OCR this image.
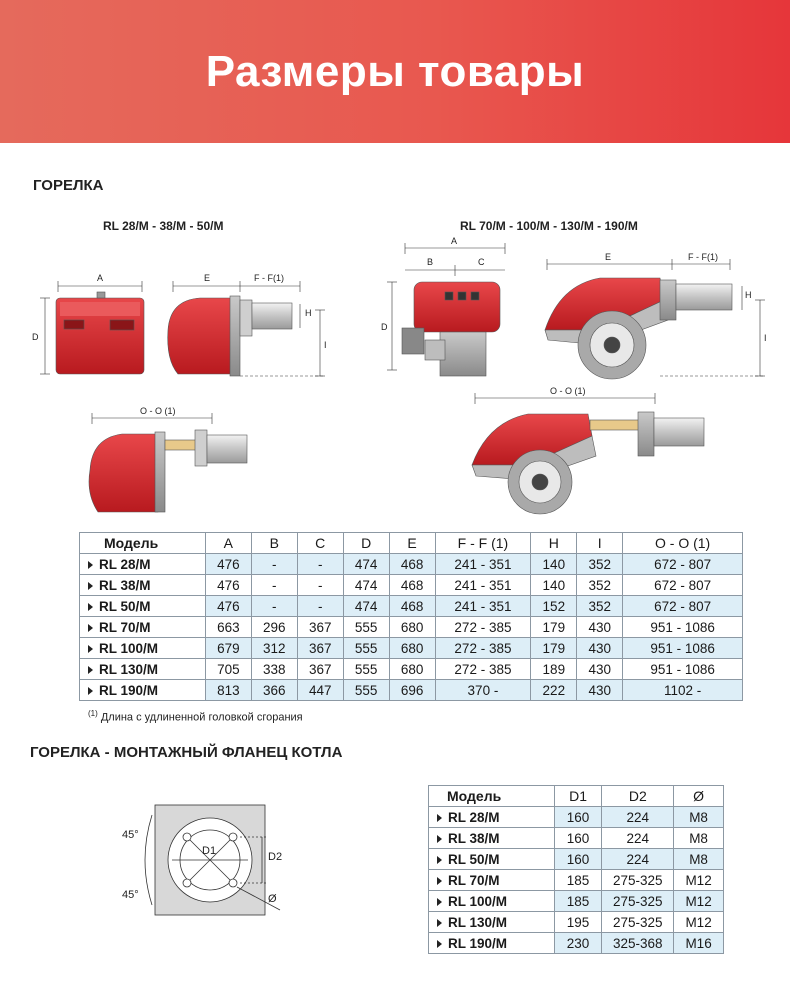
Размеры товары
ГОРЕЛКА
RL 28/M - 38/M - 50/M	RL 70/M - 100/M - 130/M - 190/M
A
D
E	F - F(1)
H
I
O - O (1)
A
B	C
D
E	F - F(1)
H
I
O - O (1)
Модель	A	B	C	D	E	F - F (1)	H	I	O - O (1)
RL 28/M	476	-	-	474	468	241 - 351	140	352	672 - 807
RL 38/M	476	-	-	474	468	241 - 351	140	352	672 - 807
RL 50/M	476	-	-	474	468	241 - 351	152	352	672 - 807
RL 70/M	663	296	367	555	680	272 - 385	179	430	951 - 1086
RL 100/M	679	312	367	555	680	272 - 385	179	430	951 - 1086
RL 130/M	705	338	367	555	680	272 - 385	189	430	951 - 1086
RL 190/M	813	366	447	555	696	370 -	222	430	1102 -
$^{(1)}$ Длина с удлиненной головкой сгорания
ГОРЕЛКА - МОНТАЖНЫЙ ФЛАНЕЦ КОТЛА
45°
45°
D1	D2
Ø
Модель	D1	D2	Ø
RL 28/M	160	224	M8
RL 38/M	160	224	M8
RL 50/M	160	224	M8
RL 70/M	185	275-325	M12
RL 100/M	185	275-325	M12
RL 130/M	195	275-325	M12
RL 190/M	230	325-368	M16
